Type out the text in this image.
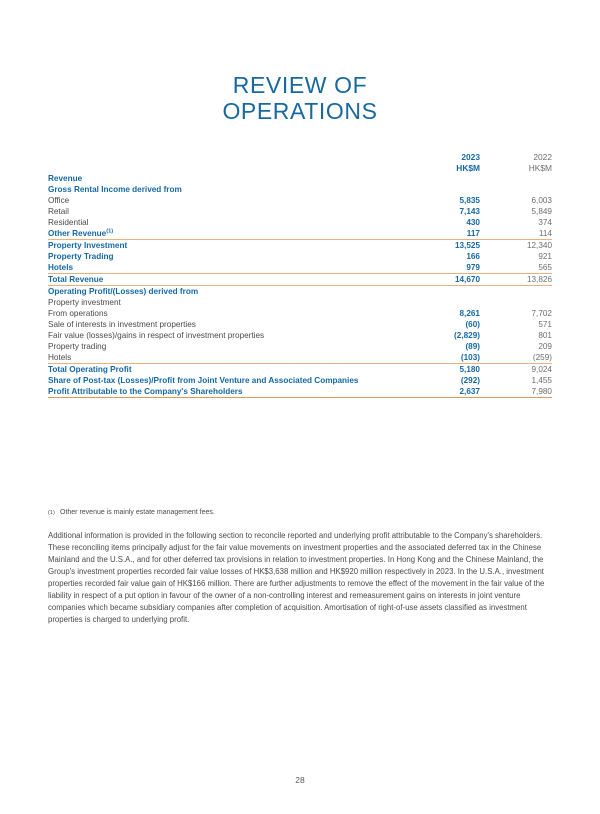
REVIEW OF
OPERATIONS
	2023	2022
	HK$M	HK$M
Revenue		
Gross Rental Income derived from		
Office	5,835	6,003
Retail	7,143	5,849
Residential	430	374
Other Revenue$^{(1)}$	117	114
Property Investment	13,525	12,340
Property Trading	166	921
Hotels	979	565
Total Revenue	14,670	13,826
Operating Profit/(Losses) derived from		
Property investment		
From operations	8,261	7,702
Sale of interests in investment properties	(60)	571
Fair value (losses)/gains in respect of investment properties	(2,829)	801
Property trading	(89)	209
Hotels	(103)	(259)
Total Operating Profit	5,180	9,024
Share of Post-tax (Losses)/Profit from Joint Venture and Associated Companies	(292)	1,455
Profit Attributable to the Company's Shareholders	2,637	7,980
(1) Other revenue is mainly estate management fees.
Additional information is provided in the following section to reconcile reported and underlying profit attributable to the Company's shareholders. These reconciling items principally adjust for the fair value movements on investment properties and the associated deferred tax in the Chinese Mainland and the U.S.A., and for other deferred tax provisions in relation to investment properties. In Hong Kong and the Chinese Mainland, the Group's investment properties recorded fair value losses of HK$3,638 million and HK$920 million respectively in 2023. In the U.S.A., investment properties recorded fair value gain of HK$166 million. There are further adjustments to remove the effect of the movement in the fair value of the liability in respect of a put option in favour of the owner of a non-controlling interest and remeasurement gains on interests in joint venture companies which became subsidiary companies after completion of acquisition. Amortisation of right-of-use assets classified as investment properties is charged to underlying profit.
28
